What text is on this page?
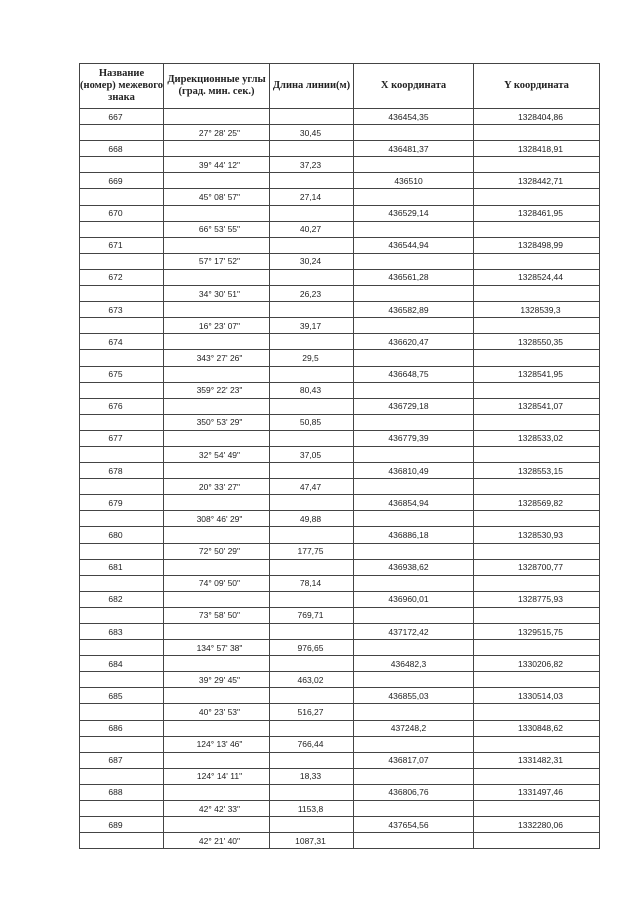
Название (номер) межевого знака	Дирекционные углы (град. мин. сек.)	Длина линии(м)	X координата	Y координата
667			436454,35	1328404,86
	27° 28' 25"	30,45		
668			436481,37	1328418,91
	39° 44' 12"	37,23		
669			436510	1328442,71
	45° 08' 57"	27,14		
670			436529,14	1328461,95
	66° 53' 55"	40,27		
671			436544,94	1328498,99
	57° 17' 52"	30,24		
672			436561,28	1328524,44
	34° 30' 51"	26,23		
673			436582,89	1328539,3
	16° 23' 07"	39,17		
674			436620,47	1328550,35
	343° 27' 26"	29,5		
675			436648,75	1328541,95
	359° 22' 23"	80,43		
676			436729,18	1328541,07
	350° 53' 29"	50,85		
677			436779,39	1328533,02
	32° 54' 49"	37,05		
678			436810,49	1328553,15
	20° 33' 27"	47,47		
679			436854,94	1328569,82
	308° 46' 29"	49,88		
680			436886,18	1328530,93
	72° 50' 29"	177,75		
681			436938,62	1328700,77
	74° 09' 50"	78,14		
682			436960,01	1328775,93
	73° 58' 50"	769,71		
683			437172,42	1329515,75
	134° 57' 38"	976,65		
684			436482,3	1330206,82
	39° 29' 45"	463,02		
685			436855,03	1330514,03
	40° 23' 53"	516,27		
686			437248,2	1330848,62
	124° 13' 46"	766,44		
687			436817,07	1331482,31
	124° 14' 11"	18,33		
688			436806,76	1331497,46
	42° 42' 33"	1153,8		
689			437654,56	1332280,06
	42° 21' 40"	1087,31		
